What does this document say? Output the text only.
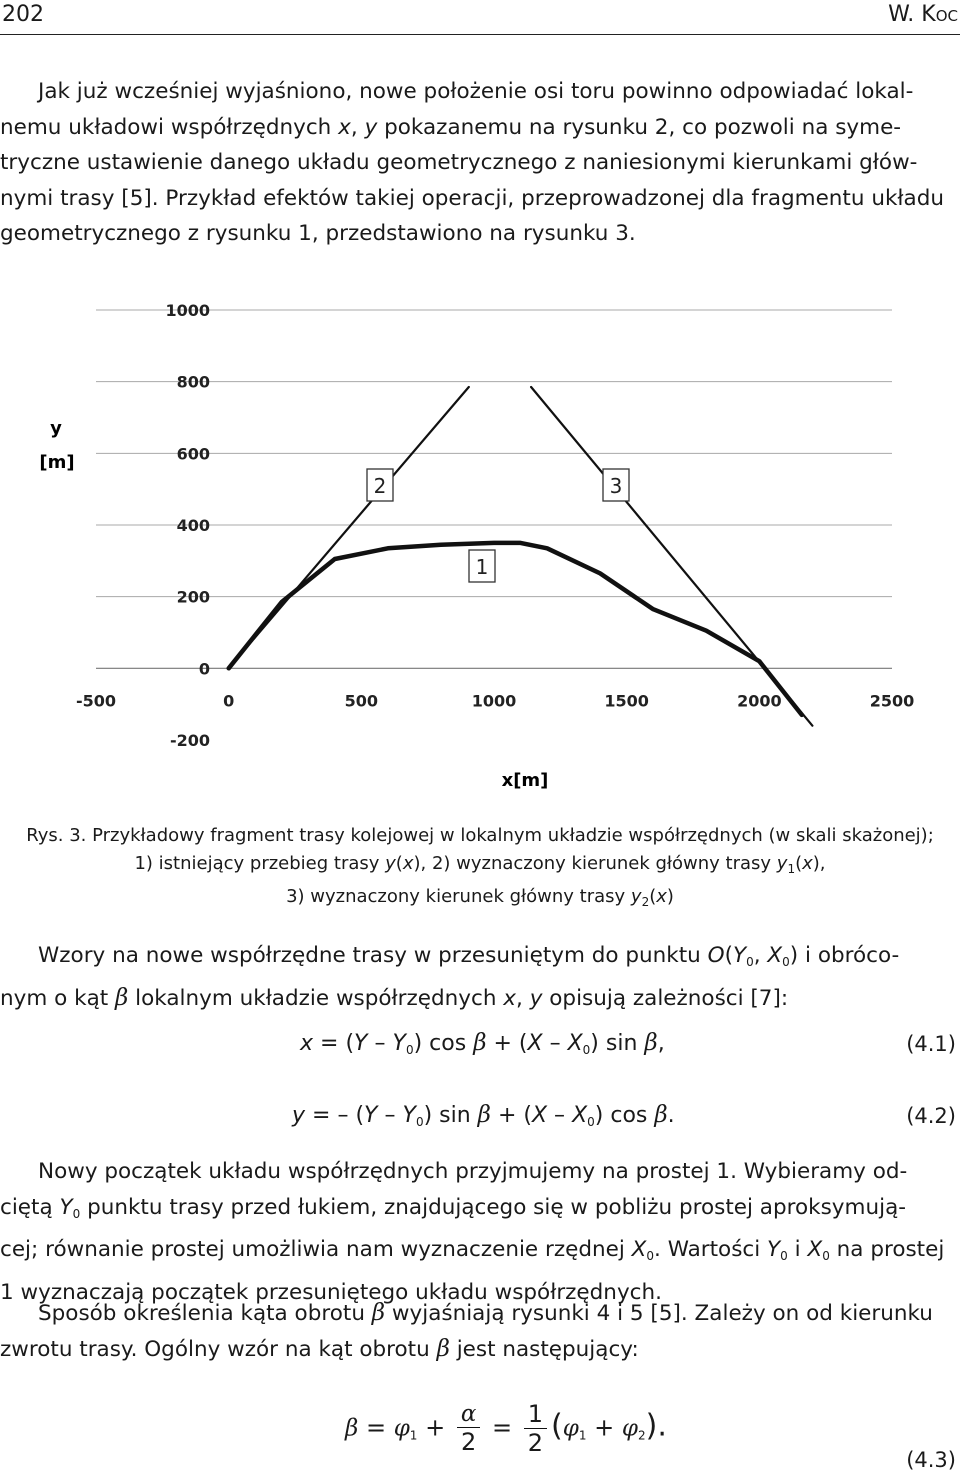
202	W. Koc
Jak już wcześniej wyjaśniono, nowe położenie osi toru powinno odpowiadać lokal-
nemu układowi współrzędnych x, y pokazanemu na rysunku 2, co pozwoli na syme-
tryczne ustawienie danego układu geometrycznego z naniesionymi kierunkami głów-
nymi trasy [5]. Przykład efektów takiej operacji, przeprowadzonej dla fragmentu układu
geometrycznego z rysunku 1, przedstawiono na rysunku 3.
-200
0
200
400
600
800
1000
-500	0	500	1000	1500	2000	2500
1
2	3
y
[m]
x[m]
Rys. 3. Przykładowy fragment trasy kolejowej w lokalnym układzie współrzędnych (w skali skażonej);
1) istniejący przebieg trasy y(x), 2) wyznaczony kierunek główny trasy $y_1(x)$,
3) wyznaczony kierunek główny trasy $y_2(x)$
Wzory na nowe współrzędne trasy w przesuniętym do punktu $O(Y_0$, $X_0$) i obróco-
nym o kąt β lokalnym układzie współrzędnych x, y opisują zależności [7]:
$x = (Y - Y_0)$ $\cos \beta + (X - X_0)$ sin β,	(4.1)
y = – $(Y - Y_0)$ $\sin \beta + (X - X_0)$ cos β.	(4.2)
Nowy początek układu współrzędnych przyjmujemy na prostej 1. Wybieramy od-
ciętą $Y_0$ punktu trasy przed łukiem, znajdującego się w pobliżu prostej aproksymują-
cej; równanie prostej umożliwia nam wyznaczenie rzędnej $X_0$. Wartości $Y_0$ i $X_0$ na prostej
1 wyznaczają początek przesuniętego układu współrzędnych.
Sposób określenia kąta obrotu β wyjaśniają rysunki 4 i 5 [5]. Zależy on od kierunku
zwrotu trasy. Ogólny wzór na kąt obrotu β jest następujący:
$\beta = \varphi_1 + \frac{\alpha}{2} = \frac{1}{2} (\varphi_1 + \varphi_2)$.
(4.3)
